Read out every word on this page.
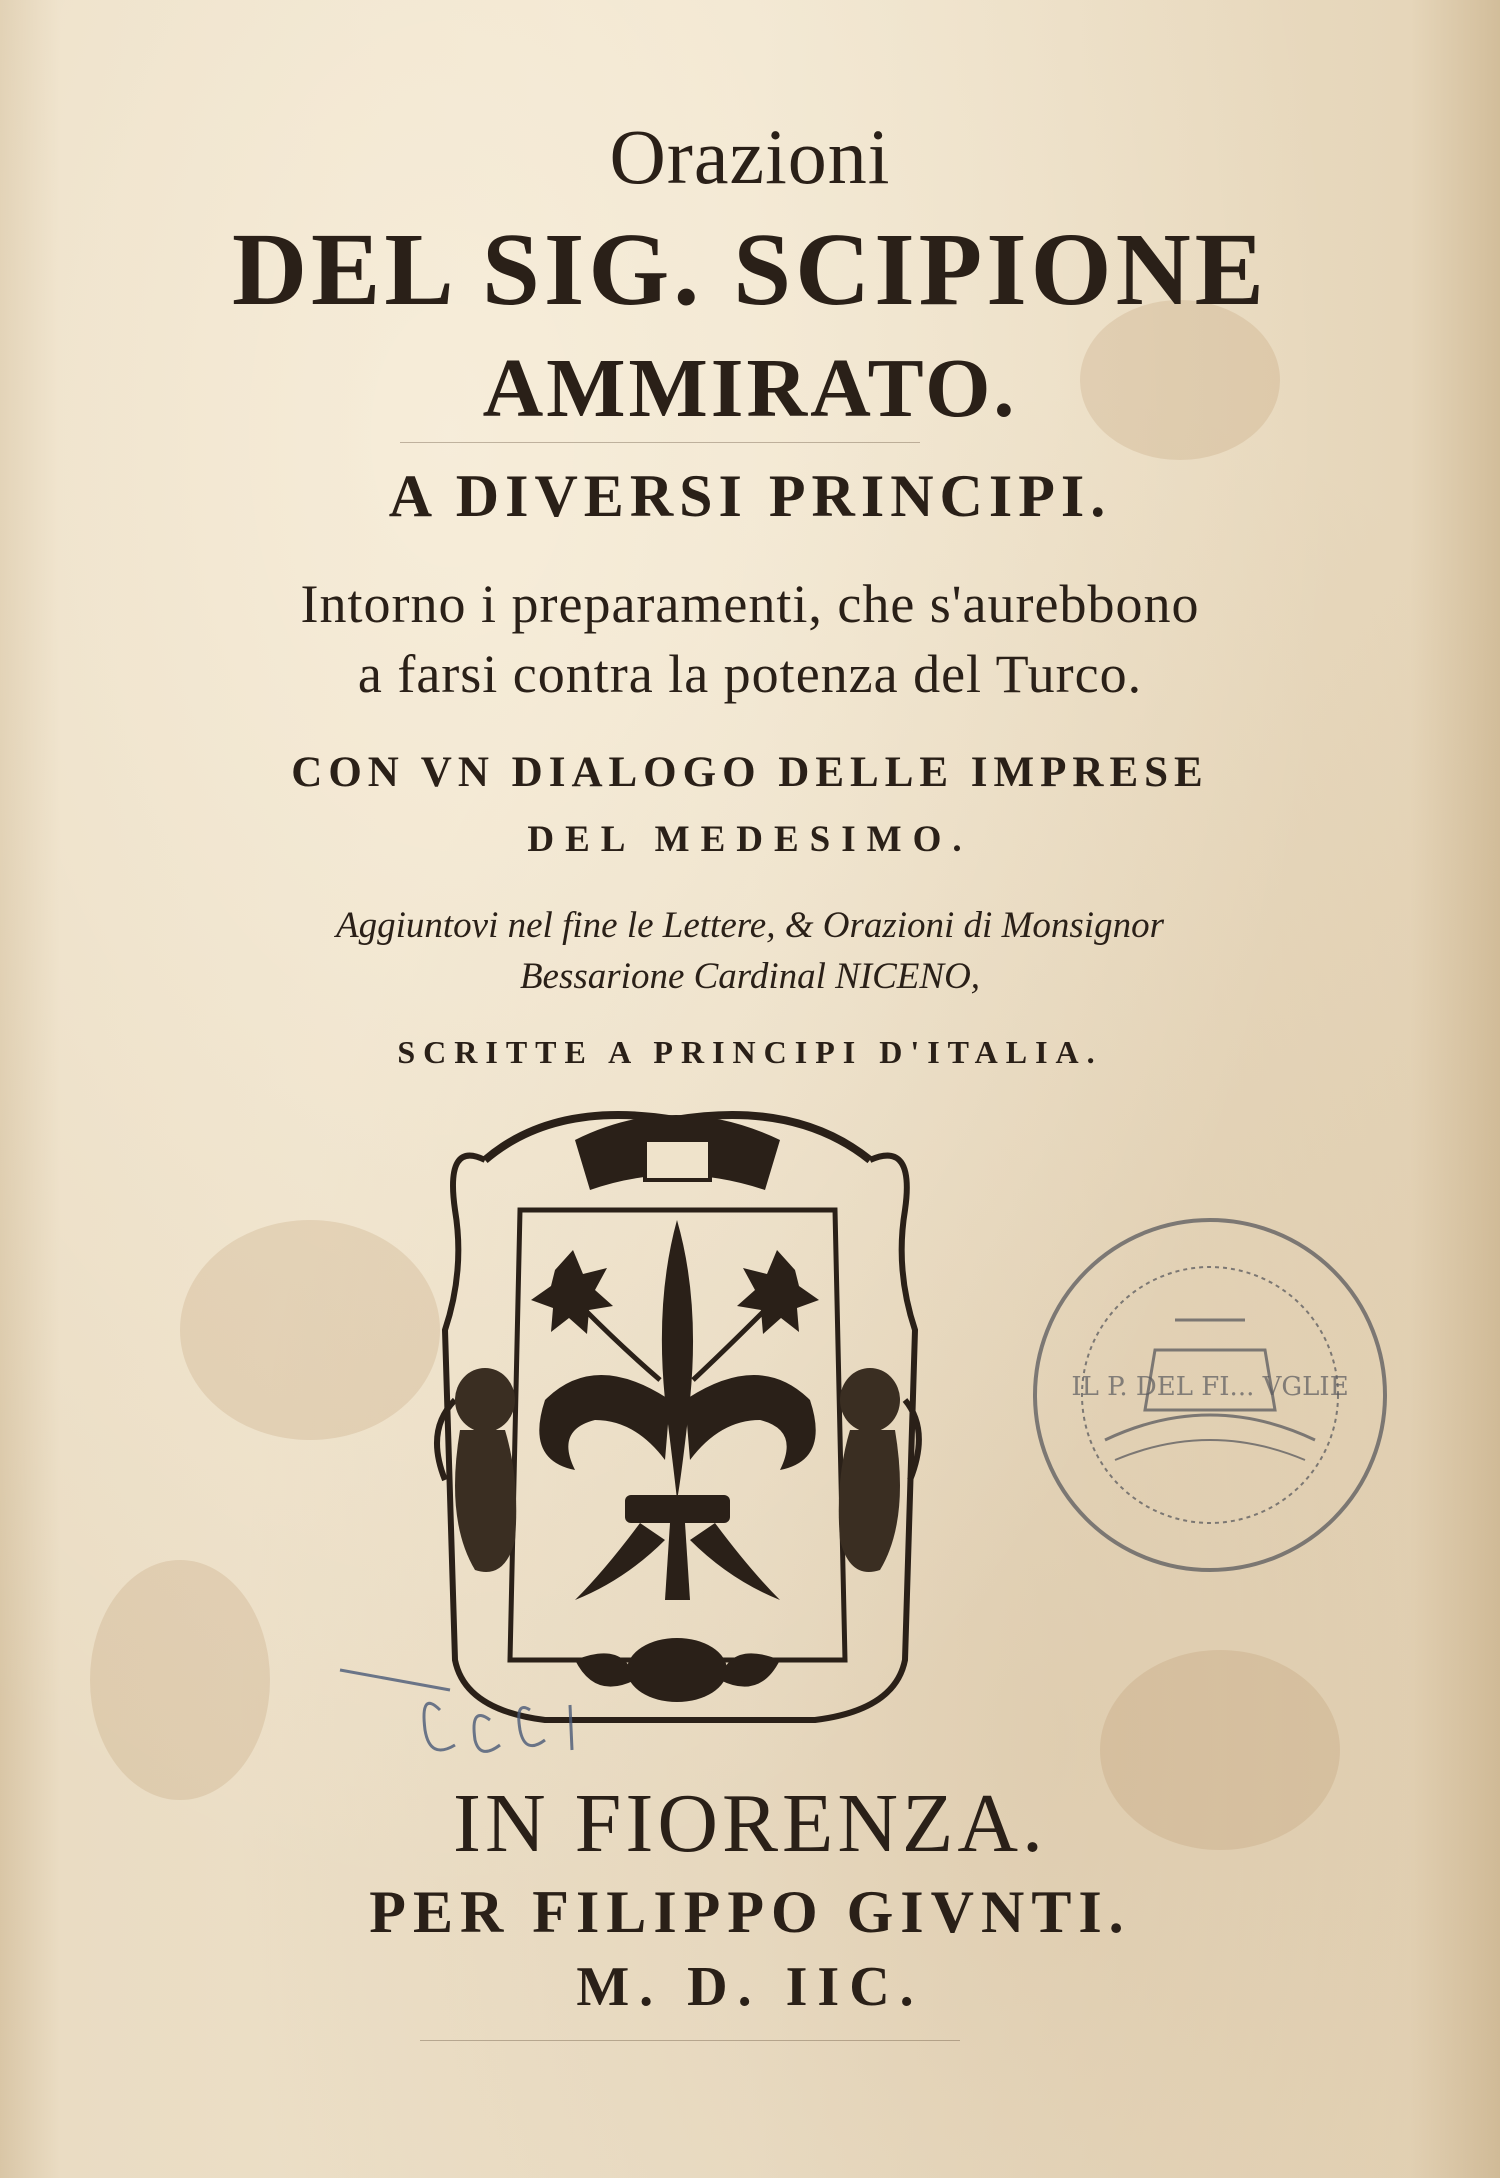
Orazioni
DEL SIG. SCIPIONE
AMMIRATO.
A DIVERSI PRINCIPI.
Intorno i preparamenti, che s'aurebbono
a farsi contra la potenza del Turco.
CON VN DIALOGO DELLE IMPRESE
DEL MEDESIMO.
Aggiuntovi nel fine le Lettere, & Orazioni di Monsignor
Bessarione Cardinal NICENO,
SCRITTE A PRINCIPI D'ITALIA.
IL P. DEL FI... VGLIE
IN FIORENZA.
PER FILIPPO GIVNTI.
M. D. IIC.
